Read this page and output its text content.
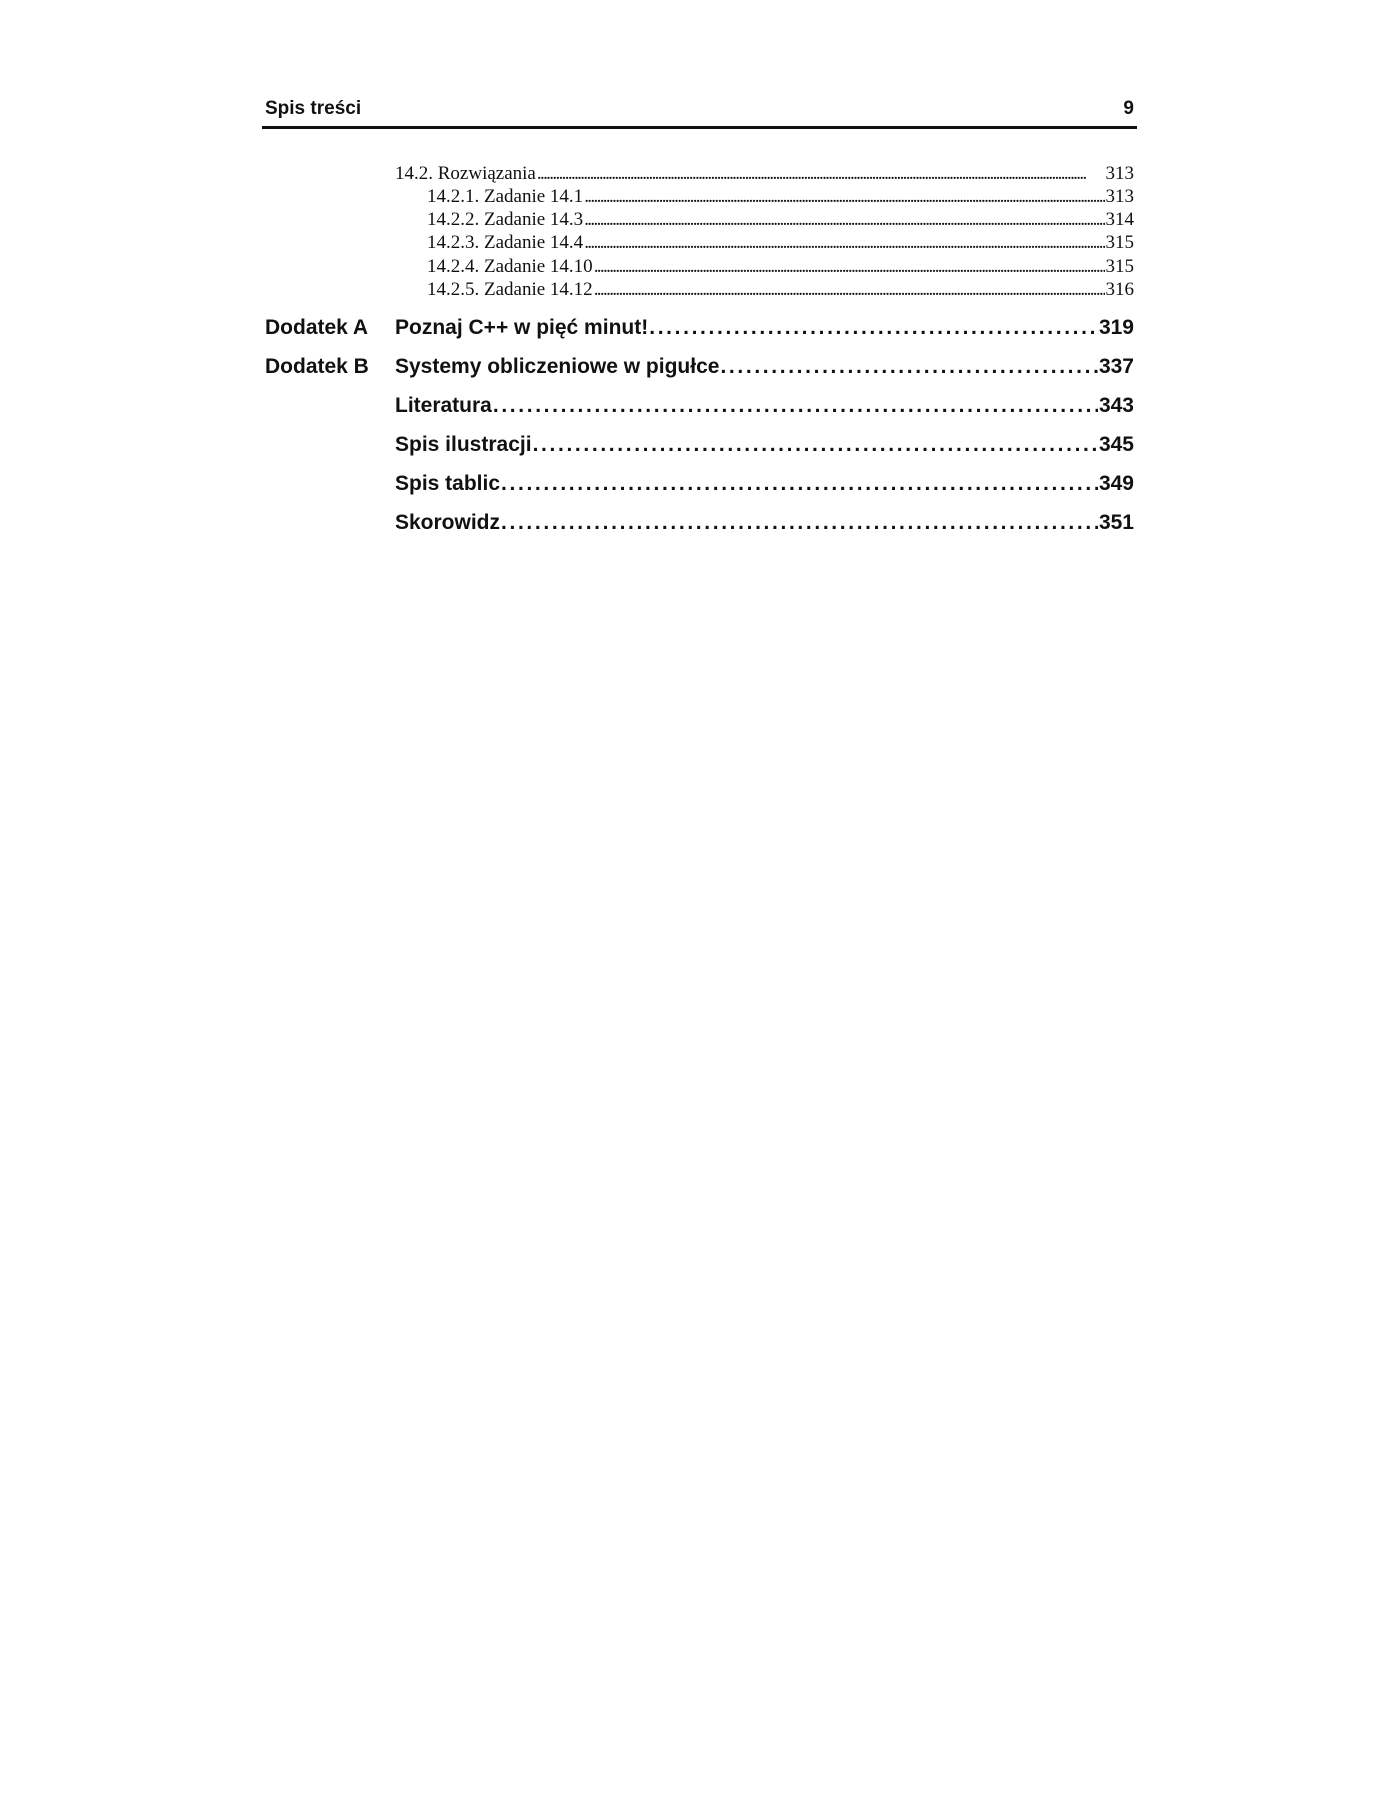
Spis treści	9
14.2. Rozwiązania . . .	313
14.2.1. Zadanie 14.1 . . .	313
14.2.2. Zadanie 14.3 . . .	314
14.2.3. Zadanie 14.4 . . .	315
14.2.4. Zadanie 14.10 . . .	315
14.2.5. Zadanie 14.12 . . .	316
Dodatek A Poznaj C++ w pięć minut! . . .	319
Dodatek B Systemy obliczeniowe w pigułce . . .	337
Literatura . . .	343
Spis ilustracji . . .	345
Spis tablic . . .	349
Skorowidz . . .	351
